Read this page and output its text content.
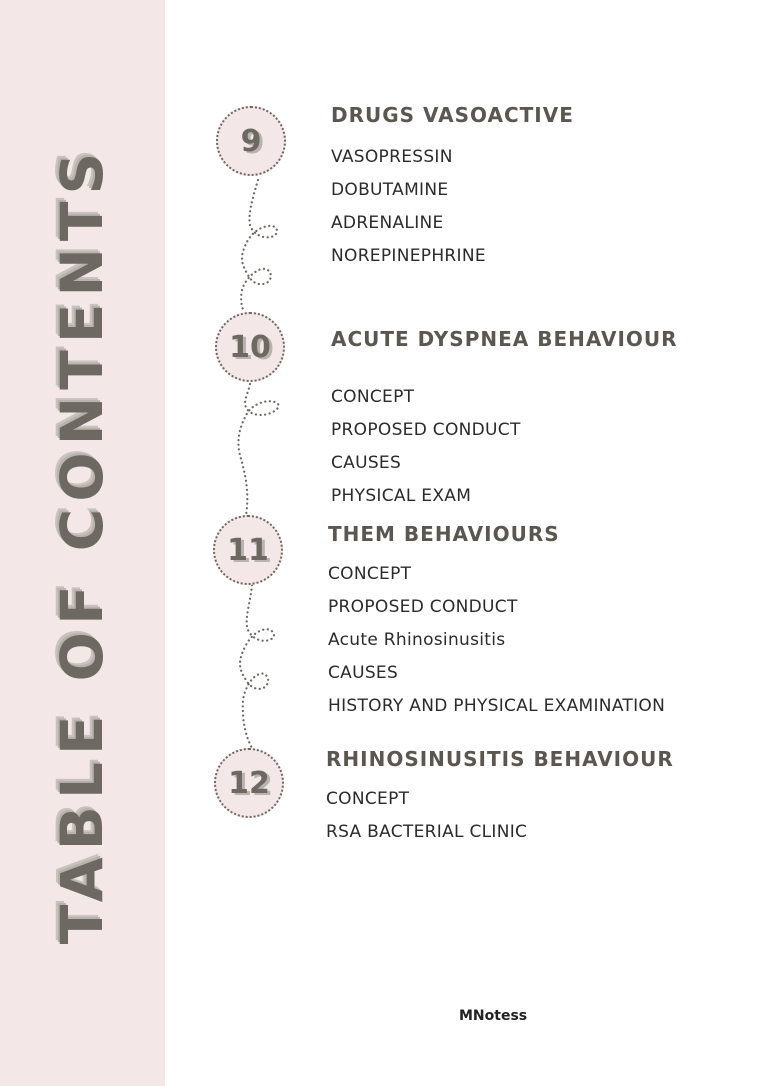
TABLE OF CONTENTS
9
10
11
12
DRUGS VASOACTIVE
VASOPRESSIN
DOBUTAMINE
ADRENALINE
NOREPINEPHRINE
ACUTE DYSPNEA BEHAVIOUR
CONCEPT
PROPOSED CONDUCT
CAUSES
PHYSICAL EXAM
THEM BEHAVIOURS
CONCEPT
PROPOSED CONDUCT
Acute Rhinosinusitis
CAUSES
HISTORY AND PHYSICAL EXAMINATION
RHINOSINUSITIS BEHAVIOUR
CONCEPT
RSA BACTERIAL CLINIC
MNotess
